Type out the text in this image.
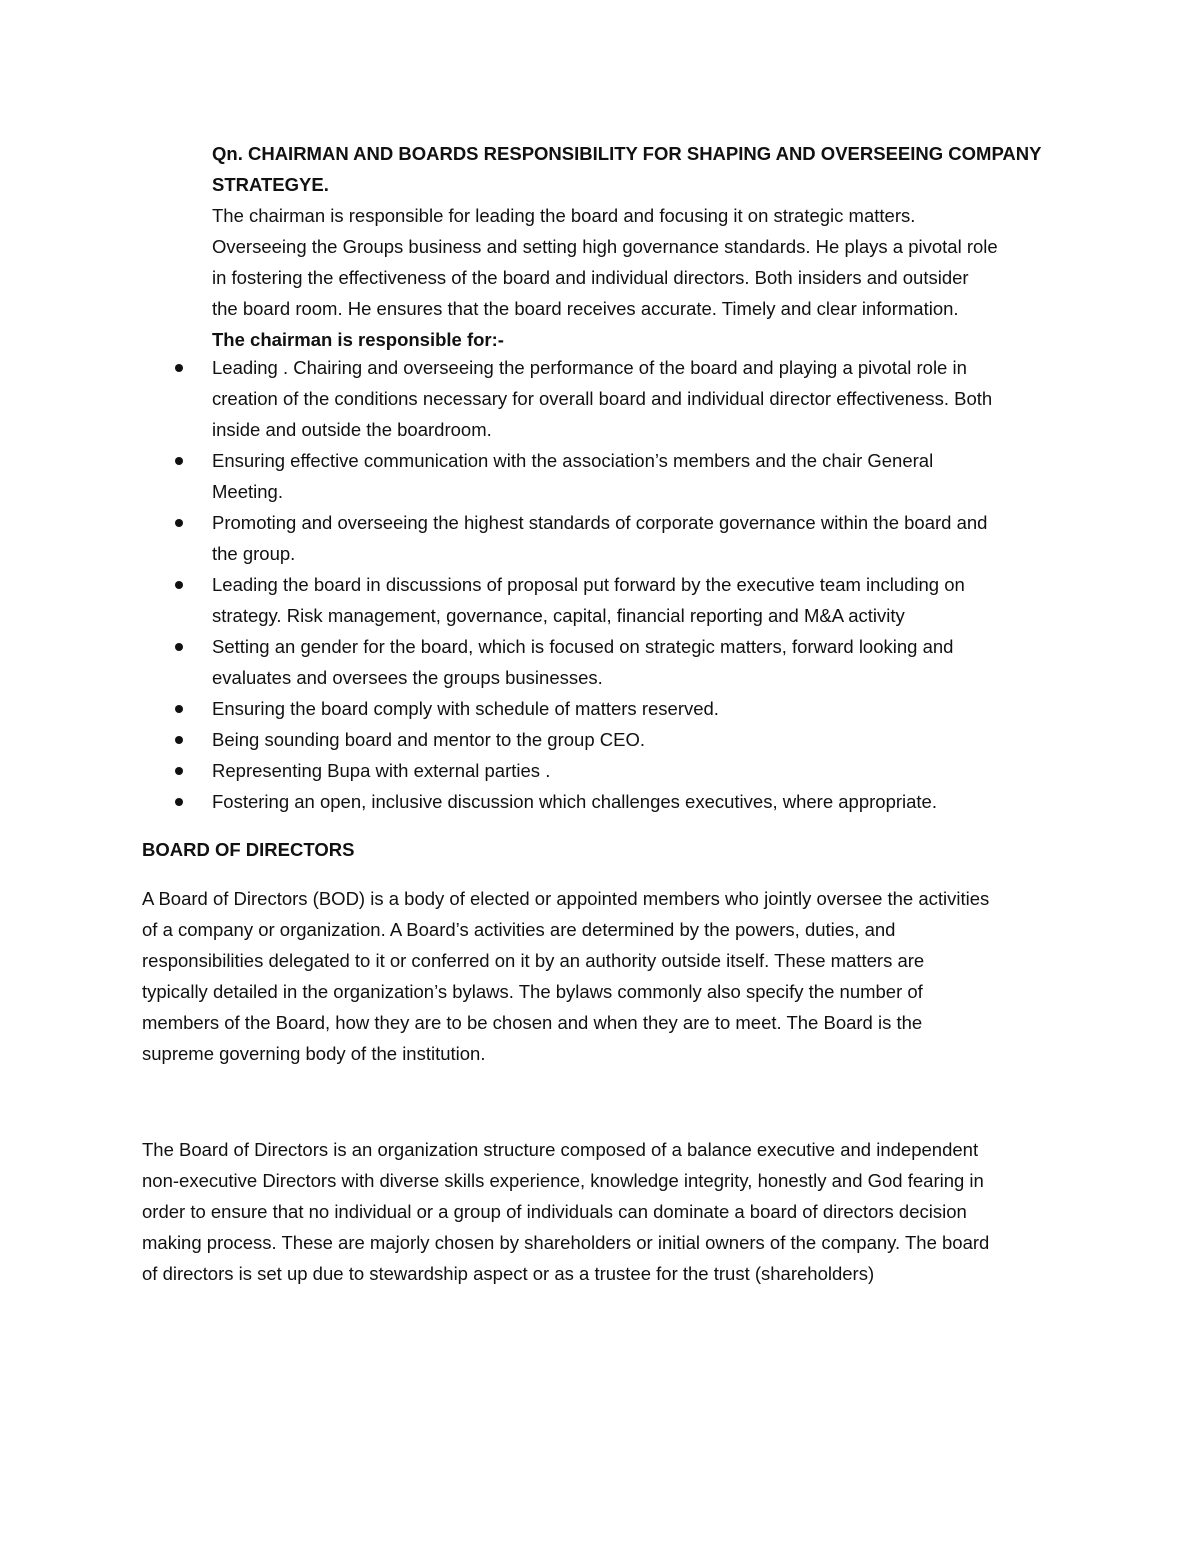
Qn. CHAIRMAN AND BOARDS RESPONSIBILITY FOR SHAPING AND OVERSEEING COMPANY
STRATEGYE.
The chairman is responsible for leading the board and focusing it on strategic matters.
Overseeing the Groups business and setting high governance standards. He plays a pivotal role
in fostering the effectiveness of the board and individual directors. Both insiders and outsider
the board room. He ensures that the board receives accurate. Timely and clear information.
The chairman is responsible for:-
Leading . Chairing and overseeing the performance of the board and playing a pivotal role in
creation of the conditions necessary for overall board and individual director effectiveness. Both
inside and outside the boardroom.
Ensuring effective communication with the association’s members and the chair General
Meeting.
Promoting and overseeing the highest standards of corporate governance within the board and
the group.
Leading the board in discussions of proposal put forward by the executive team including on
strategy. Risk management, governance, capital, financial reporting and M&A activity
Setting an gender for the board, which is focused on strategic matters, forward looking and
evaluates and oversees the groups businesses.
Ensuring the board comply with schedule of matters reserved.
Being sounding board and mentor to the group CEO.
Representing Bupa with external parties .
Fostering an open, inclusive discussion which challenges executives, where appropriate.
BOARD OF DIRECTORS
A Board of Directors (BOD) is a body of elected or appointed members who jointly oversee the activities
of a company or organization. A Board’s activities are determined by the powers, duties, and
responsibilities delegated to it or conferred on it by an authority outside itself. These matters are
typically detailed in the organization’s bylaws. The bylaws commonly also specify the number of
members of the Board, how they are to be chosen and when they are to meet. The Board is the
supreme governing body of the institution.
The Board of Directors is an organization structure composed of a balance executive and independent
non-executive Directors with diverse skills experience, knowledge integrity, honestly and God fearing in
order to ensure that no individual or a group of individuals can dominate a board of directors decision
making process. These are majorly chosen by shareholders or initial owners of the company. The board
of directors is set up due to stewardship aspect or as a trustee for the trust (shareholders)
